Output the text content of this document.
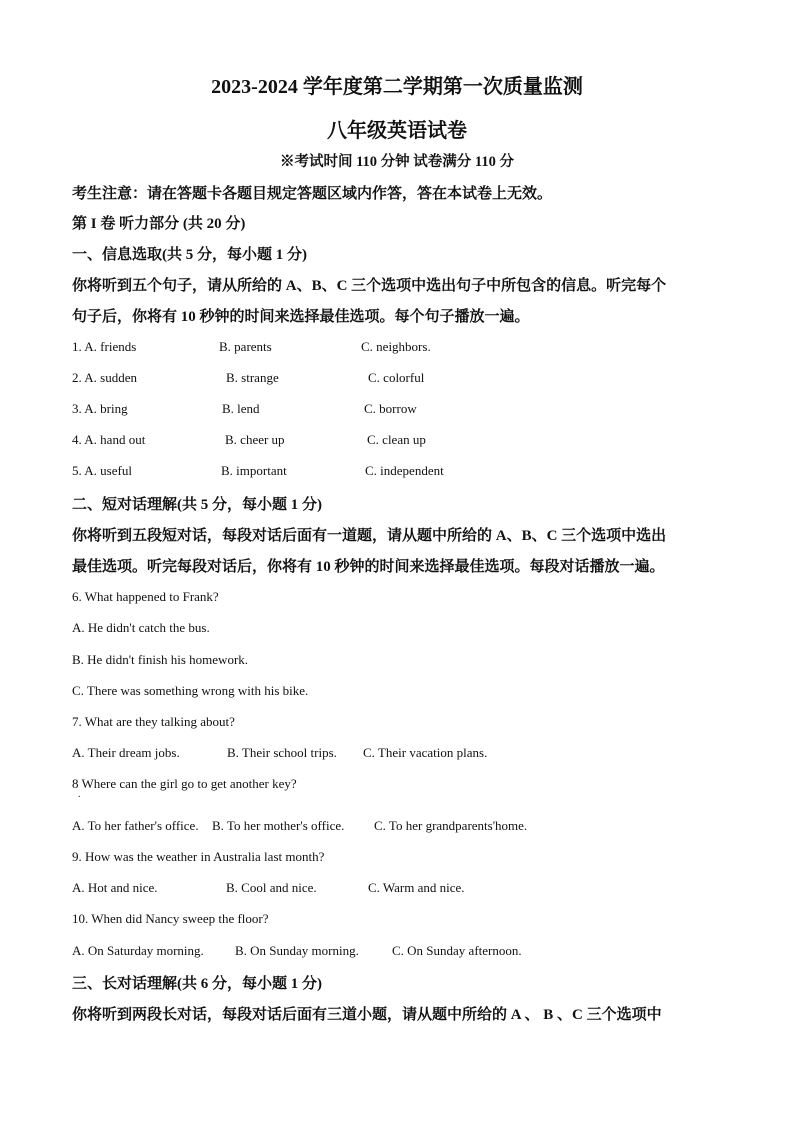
2023-2024 学年度第二学期第一次质量监测
八年级英语试卷
※考试时间 110 分钟 试卷满分 110 分
考生注意：请在答题卡各题目规定答题区域内作答，答在本试卷上无效。
第 I 卷 听力部分 (共 20 分)
一、信息选取(共 5 分，每小题 1 分)
你将听到五个句子，请从所给的 A、B、C 三个选项中选出句子中所包含的信息。听完每个
句子后，你将有 10 秒钟的时间来选择最佳选项。每个句子播放一遍。
1. A. friends	B. parents	C. neighbors.
2. A. sudden	B. strange	C. colorful
3. A. bring	B. lend	C. borrow
4. A. hand out	B. cheer up	C. clean up
5. A. useful	B. important	C. independent
二、短对话理解(共 5 分，每小题 1 分)
你将听到五段短对话，每段对话后面有一道题，请从题中所给的 A、B、C 三个选项中选出
最佳选项。听完每段对话后，你将有 10 秒钟的时间来选择最佳选项。每段对话播放一遍。
6. What happened to Frank?
A. He didn't catch the bus.
B. He didn't finish his homework.
C. There was something wrong with his bike.
7. What are they talking about?
A. Their dream jobs.	B. Their school trips. C. Their vacation plans.
8 Where can the girl go to get another key?
.
A. To her father's office. B. To her mother's office. C. To her grandparents'home.
9. How was the weather in Australia last month?
A. Hot and nice.	B. Cool and nice.	C. Warm and nice.
10. When did Nancy sweep the floor?
A. On Saturday morning. B. On Sunday morning.	C. On Sunday afternoon.
三、长对话理解(共 6 分，每小题 1 分)
你将听到两段长对话，每段对话后面有三道小题，请从题中所给的 A 、 B 、C 三个选项中
